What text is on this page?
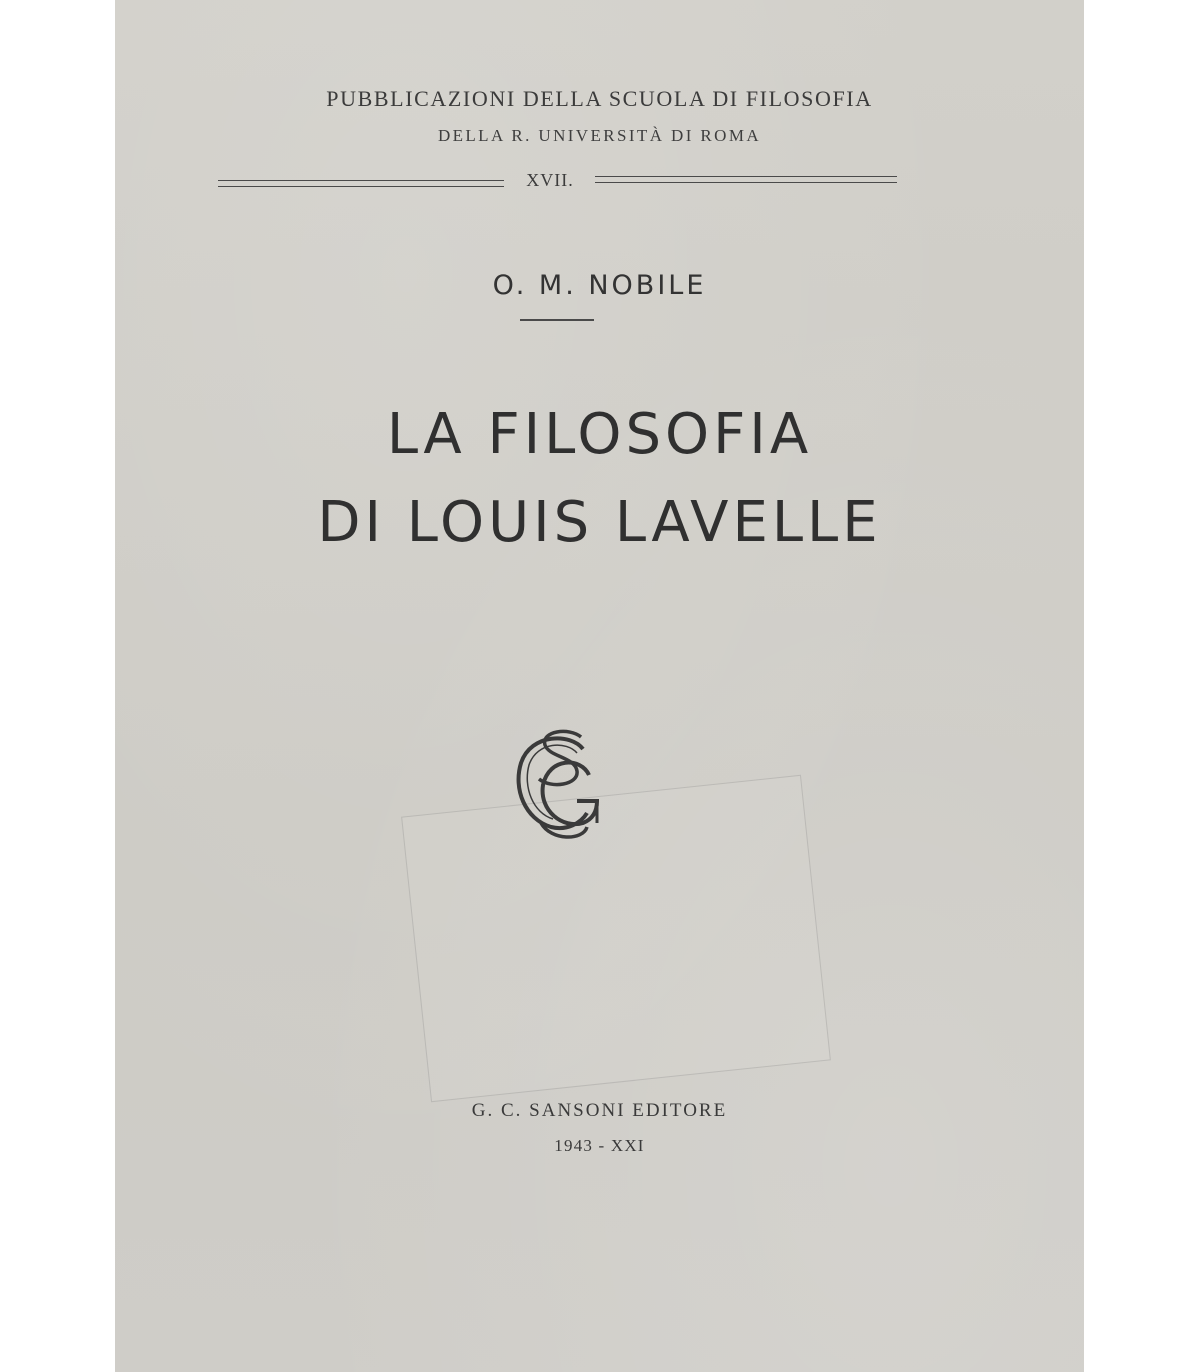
PUBBLICAZIONI DELLA SCUOLA DI FILOSOFIA
DELLA R. UNIVERSITÀ DI ROMA
XVII.
O. M. NOBILE
LA FILOSOFIA
DI LOUIS LAVELLE
G. C. SANSONI EDITORE
1943 - XXI
